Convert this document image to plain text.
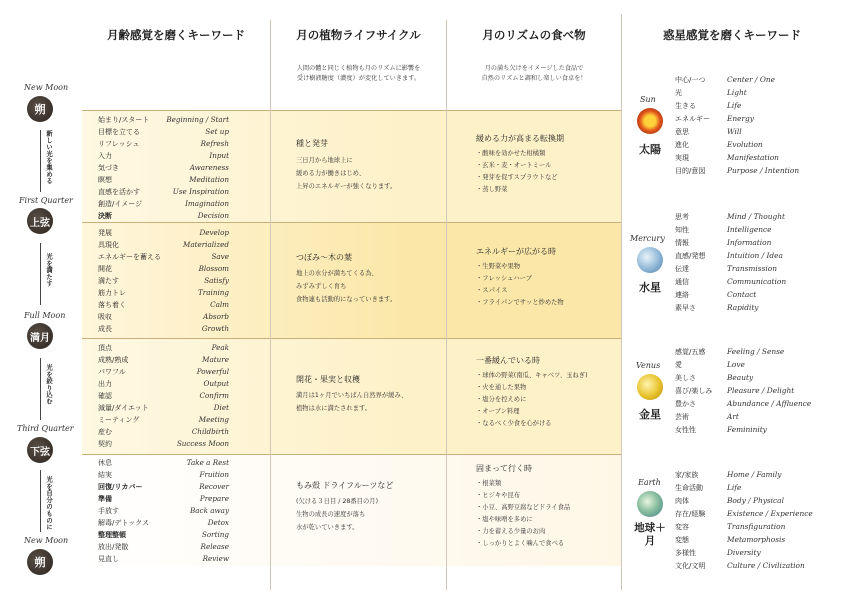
月齢感覚を磨くキーワード	月の植物ライフサイクル	月のリズムの食べ物	惑星感覚を磨くキーワード
人間の體と同じく植物も月のリズムに影響を
受け樹液糖度（濃度）が変化していきます。
月の満ち欠けをイメージした食品で
自然のリズムと調和し楽しい食卓を！
New Moon
朔
First Quarter
上弦
Full Moon
満月
Third Quarter
下弦
New Moon
朔
新しい光を集める
光を満たす
光を絞り込む
光を自分のものに
始まり/スタート Beginning / Start
目標を立てる	Set up
リフレッシュ	Refresh
入力	Input
気づき	Awareness
瞑想	Meditation
直感を活かす	Use Inspiration
創造/イメージ	Imagination
決断	Decision
発展	Develop
具現化	Materialized
エネルギーを蓄える	Save
開花	Blossom
満たす	Satisfy
筋力トレ	Training
落ち着く	Calm
吸収	Absorb
成長	Growth
頂点	Peak
成熟/熟成	Mature
パワフル	Powerful
出力	Output
確認	Confirm
減量/ダイエット	Diet
ミーティング	Meeting
産む	Childbirth
契約	Success Moon
休息	Take a Rest
結実	Fruition
回復/リカバー	Recover
準備	Prepare
手放す	Back away
解毒/デトックス	Detox
整理整頓	Sorting
放出/発散	Release
見直し	Review
種と発芽
三日月から地球上に
緩める力が働きはじめ、
上昇のエネルギーが強くなります。
つぼみ〜木の葉
地上の水分が満ちてくる為、
みずみずしく育ち
食物連も活動的になっていきます。
開花・果実と収穫
満月は1ヶ月でいちばん自然界が緩み、
植物は水に満たされます。
もみ殻 ドライフルーツなど
(欠ける３日目 / 28番目の月)
生物の成長の速度が落ち
水が乾いていきます。
緩める力が高まる転換期
・酸味を効かせた柑橘類
・玄米・麦・オートミール
・発芽を促すスプラウトなど
・蒸し野菜
エネルギーが広がる時
・生野菜や果物
・フレッシュハーブ
・スパイス
・フライパンでサッと炒めた物
一番緩んでいる時
・球体の野菜(南瓜、キャベツ、玉ねぎ)
・火を通した果物
・塩分を控えめに
・オーブン料理
・なるべく少食を心がける
固まって行く時
・根菜類
・ヒジキや昆布
・小豆、高野豆腐などドライ食品
・塩や味噌を多めに
・力を蓄える少量のお肉
・しっかりとよく噛んで食べる
Sun
太陽
中心/一つ	Center / One
光	Light
生きる	Life
エネルギー Energy
意思	Will
進化	Evolution
実現	Manifestation
目的/意図	Purpose / Intention
Mercury
水星
思考	Mind / Thought
知性	Intelligence
情報	Information
直感/発想	Intuition / Idea
伝達	Transmission
通信	Communication
連絡	Contact
素早さ	Rapidity
Venus
金星
感覚/五感	Feeling / Sense
愛	Love
美しさ	Beauty
喜び/楽しみ Pleasure / Delight
豊かさ	Abundance / Affluence
芸術	Art
女性性	Femininity
Earth
地球＋月
家/家族	Home / Family
生命活動	Life
肉体	Body / Physical
存在/経験	Existence / Experience
変容	Transfiguration
変態	Metamorphosis
多様性	Diversity
文化/文明	Culture / Civilization
